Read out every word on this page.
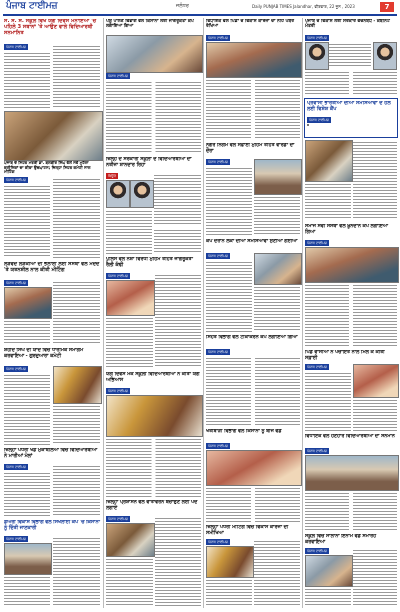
ਪੰਜਾਬ ਟਾਈਮਜ਼	ਜਲੰਧਰ	Daily PUNJAB TIMES Jalandhar, ਵੀਰਵਾਰ, 22 ਜੂਨ , 2023	7
ਸ. ਸ. ਸ. ਸਕੂਲ਼ ਵਿਖੇ ਯੋਗ ਦਿਵਸ ਮਨਾਇਆ 'ਚ ਪਹਿਲੇ 3 ਸਥਾਨਾਂ 'ਤੇ ਆਉਣ ਵਾਲੇ ਵਿਦਿਆਰਥੀ ਸਨਮਾਨਿਤ
ਪੰਜਾਬ ਟਾਈਮਜ਼
ਪੰਜਾਬ ਦੇ ਸਿਹਤ ਮੰਤਰੀ ਡਾ. ਬਲਬੀਰ ਸਿੰਘ ਵੱਲੋਂ ਨਵੇਂ ਮੁਹੱਲਾ ਕਲੀਨਿਕਾਂ ਦਾ ਕੀਤਾ ਉਦਘਾਟਨ; ਜ਼ਿਲ੍ਹਾ ਸਿਹਤ ਕਮੇਟੀ ਨਾਲ ਮੀਟਿੰਗ
ਪੰਜਾਬ ਟਾਈਮਜ਼
ਲੋੜਵੰਦ ਲੜਕੀਆਂ ਦੀ ਭਲਾਈ ਲਈ ਸੰਸਥਾ ਵੱਲੋਂ ਮਦਦ 'ਤੇ ਯਤਨਸ਼ੀਲ ਨਾਲ ਕੀਤੀ ਮੀਟਿੰਗ
ਪੰਜਾਬ ਟਾਈਮਜ਼
ਸ਼ਹੀਦ ਸਿੰਘ ਦੀ ਯਾਦ ਵਿੱਚ ਧਾਰਮਿਕ ਸਮਾਗਮ ਕਰਵਾਇਆ - ਗੁਰਦੁਆਰਾ ਕਮੇਟੀ
ਪੰਜਾਬ ਟਾਈਮਜ਼
ਜ਼ਿਲ੍ਹਾ ਪੱਧਰੀ ਖੇਡ ਮੁਕਾਬਲਿਆਂ ਵਿੱਚ ਵਿਦਿਆਰਥੀਆਂ ਨੇ ਮਾਰੀਆਂ ਮੱਲਾਂ
ਪੰਜਾਬ ਟਾਈਮਜ਼
ਡੇਅਰੀ ਵਿਕਾਸ ਵਿਭਾਗ ਵੱਲੋਂ ਸਿਖਲਾਈ ਕੈਂਪ 'ਚ ਕਿਸਾਨਾਂ ਨੂੰ ਦਿੱਤੀ ਜਾਣਕਾਰੀ
ਪੰਜਾਬ ਟਾਈਮਜ਼
ਪਸ਼ੂ ਪਾਲਣ ਵਿਭਾਗ ਵੱਲੋਂ ਕਿਸਾਨਾਂ ਲਈ ਜਾਗਰੂਕਤਾ ਕੈਂਪ ਲਗਾਇਆ ਗਿਆ
ਪੰਜਾਬ ਟਾਈਮਜ਼
ਜ਼ਿਲ੍ਹੇ ਦੇ ਸਰਕਾਰੀ ਸਕੂਲ਼ਾਂ ਦੇ ਵਿਦਿਆਰਥੀਆਂ ਦਾ ਨਤੀਜਾ ਸ਼ਾਨਦਾਰ ਰਿਹਾ
ਬਿਊਰੋ
ਪੁਲਿਸ ਵੱਲੋਂ ਨਸ਼ਾ ਵਿਰੋਧੀ ਮੁਹਿੰਮ ਤਹਿਤ ਜਾਗਰੂਕਤਾ ਰੈਲੀ ਕੱਢੀ
ਪੰਜਾਬ ਟਾਈਮਜ਼
ਯੋਗ ਦਿਵਸ ਮੌਕੇ ਸਕੂਲ਼ੀ ਵਿਦਿਆਰਥੀਆਂ ਨੇ ਕੀਤਾ ਯੋਗ ਅਭਿਆਸ
ਪੰਜਾਬ ਟਾਈਮਜ਼
ਜ਼ਿਲ੍ਹਾ ਪ੍ਰਸ਼ਾਸਨ ਵੱਲੋਂ ਵਾਤਾਵਰਨ ਬਚਾਉਣ ਲਈ ਪੌਦੇ ਲਗਾਏ
ਪੰਜਾਬ ਟਾਈਮਜ਼
ਵਿਧਾਇਕ ਵੱਲੋਂ ਪਿੰਡਾਂ ਦੇ ਵਿਕਾਸ ਕਾਰਜਾਂ ਦਾ ਨੀਂਹ ਪੱਥਰ ਰੱਖਿਆ
ਪੰਜਾਬ ਟਾਈਮਜ਼
ਨਗਰ ਨਿਗਮ ਵੱਲੋਂ ਸਫ਼ਾਈ ਮੁਹਿੰਮ ਤਹਿਤ ਵਾਰਡਾਂ ਦਾ ਦੌਰਾ
ਪੰਜਾਬ ਟਾਈਮਜ਼
ਕੈਂਪ ਦੌਰਾਨ ਲੋਕਾਂ ਦੀਆਂ ਸਮੱਸਿਆਵਾਂ ਸੁਣੀਆਂ ਗਈਆਂ
ਪੰਜਾਬ ਟਾਈਮਜ਼
ਸਿਹਤ ਵਿਭਾਗ ਵੱਲੋਂ ਟੀਕਾਕਰਨ ਕੈਂਪ ਲਗਾਇਆ ਗਿਆ
ਪੰਜਾਬ ਟਾਈਮਜ਼
ਖੇਤੀਬਾੜੀ ਵਿਭਾਗ ਵੱਲੋਂ ਕਿਸਾਨਾਂ ਨੂੰ ਬੀਜ ਵੰਡੇ
ਪੰਜਾਬ ਟਾਈਮਜ਼
ਜ਼ਿਲ੍ਹਾ ਪੱਧਰੀ ਮੀਟਿੰਗ ਵਿੱਚ ਵਿਕਾਸ ਕਾਰਜਾਂ ਦੀ ਸਮੀਖਿਆ
ਪੰਜਾਬ ਟਾਈਮਜ਼
ਪੰਜਾਬ ਦੇ ਵਿਕਾਸ ਲਈ ਸਰਕਾਰ ਵਚਨਬੱਧ - ਕੈਬਨਿਟ ਮੰਤਰੀ
ਪੰਜਾਬ ਟਾਈਮਜ਼
ਪ੍ਰਵਾਸੀ ਭਾਰਤੀਆਂ ਦੀਆਂ ਸਮੱਸਿਆਵਾਂ ਦੇ ਹੱਲ ਲਈ ਵਿਸ਼ੇਸ਼ ਕੈਂਪ
ਪੰਜਾਬ ਟਾਈਮਜ਼
ਸਮਾਜ ਸੇਵੀ ਸੰਸਥਾ ਵੱਲੋਂ ਖ਼ੂਨਦਾਨ ਕੈਂਪ ਲਗਾਇਆ ਗਿਆ
ਪੰਜਾਬ ਟਾਈਮਜ਼
ਪਿੰਡ ਵਾਸੀਆਂ ਨੇ ਪੰਚਾਇਤ ਨਾਲ ਮਿਲ ਕੇ ਕੀਤੀ ਸਫ਼ਾਈ
ਪੰਜਾਬ ਟਾਈਮਜ਼
ਵਿਧਾਇਕ ਵੱਲੋਂ ਹੋਣਹਾਰ ਵਿਦਿਆਰਥੀਆਂ ਦਾ ਸਨਮਾਨ
ਪੰਜਾਬ ਟਾਈਮਜ਼
ਸਕੂਲ਼ ਵਿੱਚ ਸਾਲਾਨਾ ਇਨਾਮ ਵੰਡ ਸਮਾਰੋਹ ਕਰਵਾਇਆ
ਪੰਜਾਬ ਟਾਈਮਜ਼
